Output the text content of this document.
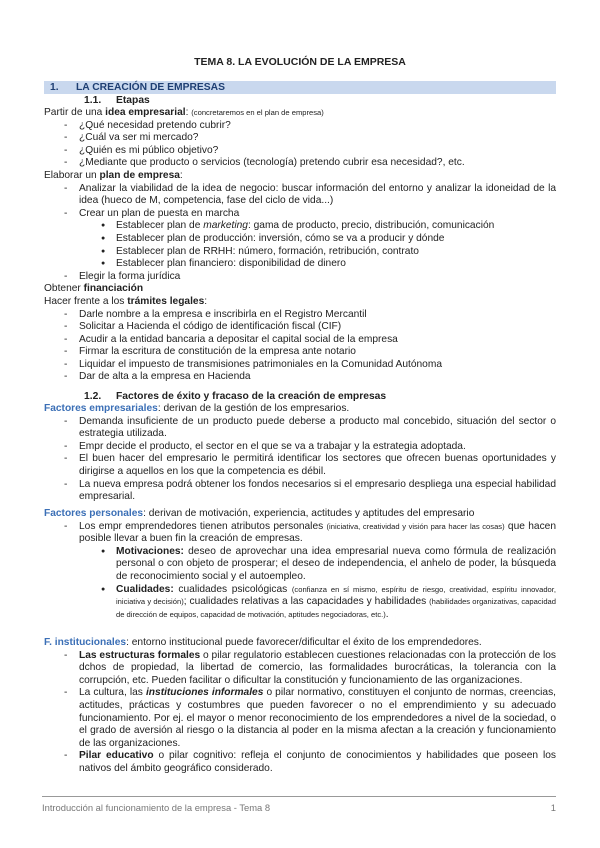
TEMA 8. LA EVOLUCIÓN DE LA EMPRESA
1. LA CREACIÓN DE EMPRESAS
1.1. Etapas
Partir de una idea empresarial: (concretaremos en el plan de empresa)
- ¿Qué necesidad pretendo cubrir?
- ¿Cuál va ser mi mercado?
- ¿Quién es mi público objetivo?
- ¿Mediante que producto o servicios (tecnología) pretendo cubrir esa necesidad?, etc.
Elaborar un plan de empresa:
- Analizar la viabilidad de la idea de negocio: buscar información del entorno y analizar la idoneidad de la idea (hueco de M, competencia, fase del ciclo de vida...)
- Crear un plan de puesta en marcha
● Establecer plan de marketing: gama de producto, precio, distribución, comunicación
● Establecer plan de producción: inversión, cómo se va a producir y dónde
● Establecer plan de RRHH: número, formación, retribución, contrato
● Establecer plan financiero: disponibilidad de dinero
- Elegir la forma jurídica
Obtener financiación
Hacer frente a los trámites legales:
- Darle nombre a la empresa e inscribirla en el Registro Mercantil
- Solicitar a Hacienda el código de identificación fiscal (CIF)
- Acudir a la entidad bancaria a depositar el capital social de la empresa
- Firmar la escritura de constitución de la empresa ante notario
- Liquidar el impuesto de transmisiones patrimoniales en la Comunidad Autónoma
- Dar de alta a la empresa en Hacienda
1.2. Factores de éxito y fracaso de la creación de empresas
Factores empresariales: derivan de la gestión de los empresarios.
- Demanda insuficiente de un producto puede deberse a producto mal concebido, situación del sector o estrategia utilizada.
- Empr decide el producto, el sector en el que se va a trabajar y la estrategia adoptada.
- El buen hacer del empresario le permitirá identificar los sectores que ofrecen buenas oportunidades y dirigirse a aquellos en los que la competencia es débil.
- La nueva empresa podrá obtener los fondos necesarios si el empresario despliega una especial habilidad empresarial.
Factores personales: derivan de motivación, experiencia, actitudes y aptitudes del empresario
- Los empr emprendedores tienen atributos personales (iniciativa, creatividad y visión para hacer las cosas) que hacen posible llevar a buen fin la creación de empresas.
● Motivaciones: deseo de aprovechar una idea empresarial nueva como fórmula de realización personal o con objeto de prosperar; el deseo de independencia, el anhelo de poder, la búsqueda de reconocimiento social y el autoempleo.
● Cualidades: cualidades psicológicas (confianza en sí mismo, espíritu de riesgo, creatividad, espíritu innovador, iniciativa y decisión); cualidades relativas a las capacidades y habilidades (habilidades organizativas, capacidad de dirección de equipos, capacidad de motivación, aptitudes negociadoras, etc.).
F. institucionales: entorno institucional puede favorecer/dificultar el éxito de los emprendedores.
- Las estructuras formales o pilar regulatorio establecen cuestiones relacionadas con la protección de los dchos de propiedad, la libertad de comercio, las formalidades burocráticas, la tolerancia con la corrupción, etc. Pueden facilitar o dificultar la constitución y funcionamiento de las organizaciones.
- La cultura, las instituciones informales o pilar normativo, constituyen el conjunto de normas, creencias, actitudes, prácticas y costumbres que pueden favorecer o no el emprendimiento y su adecuado funcionamiento. Por ej. el mayor o menor reconocimiento de los emprendedores a nivel de la sociedad, o el grado de aversión al riesgo o la distancia al poder en la misma afectan a la creación y funcionamiento de las organizaciones.
- Pilar educativo o pilar cognitivo: refleja el conjunto de conocimientos y habilidades que poseen los nativos del ámbito geográfico considerado.
Introducción al funcionamiento de la empresa - Tema 8	1
